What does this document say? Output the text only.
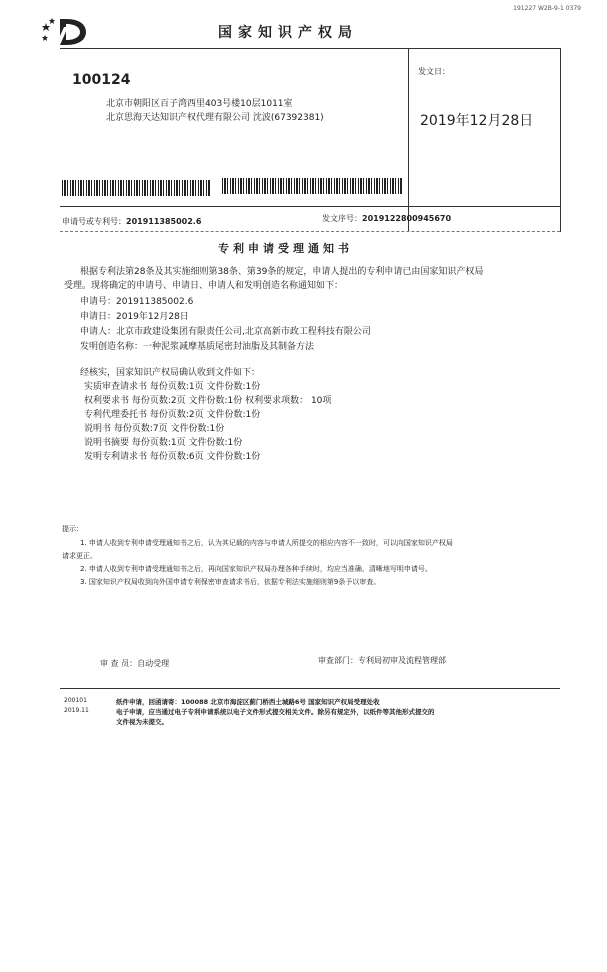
191227 W2B-9-1 0379
国家知识产权局
100124
北京市朝阳区百子湾西里403号楼10层1011室
北京思海天达知识产权代理有限公司 沈波(67392381)
发文日：
2019年12月28日
申请号或专利号：201911385002.6	发文序号：2019122800945670
专利申请受理通知书
根据专利法第28条及其实施细则第38条、第39条的规定，申请人提出的专利申请已由国家知识产权局
受理。现将确定的申请号、申请日、申请人和发明创造名称通知如下：
申请号：201911385002.6
申请日：2019年12月28日
申请人：北京市政建设集团有限责任公司,北京高新市政工程科技有限公司
发明创造名称：一种泥浆减摩基质尾密封油脂及其制备方法
经核实，国家知识产权局确认收到文件如下：
实质审查请求书 每份页数:1页 文件份数:1份
权利要求书 每份页数:2页 文件份数:1份 权利要求项数： 10项
专利代理委托书 每份页数:2页 文件份数:1份
说明书 每份页数:7页 文件份数:1份
说明书摘要 每份页数:1页 文件份数:1份
发明专利请求书 每份页数:6页 文件份数:1份
提示：
1. 申请人收到专利申请受理通知书之后，认为其记载的内容与申请人所提交的相应内容不一致时，可以向国家知识产权局
请求更正。
2. 申请人收到专利申请受理通知书之后，再向国家知识产权局办理各种手续时，均应当准确、清晰地写明申请号。
3. 国家知识产权局收到向外国申请专利保密审查请求书后，依据专利法实施细则第9条予以审查。
审 查 员：自动受理	审查部门：专利局初审及流程管理部
200101
2019.11
纸件申请，回函请寄：100088 北京市海淀区蓟门桥西土城路6号 国家知识产权局受理处收
电子申请，应当通过电子专利申请系统以电子文件形式提交相关文件。除另有规定外，以纸件等其他形式提交的
文件视为未提交。
